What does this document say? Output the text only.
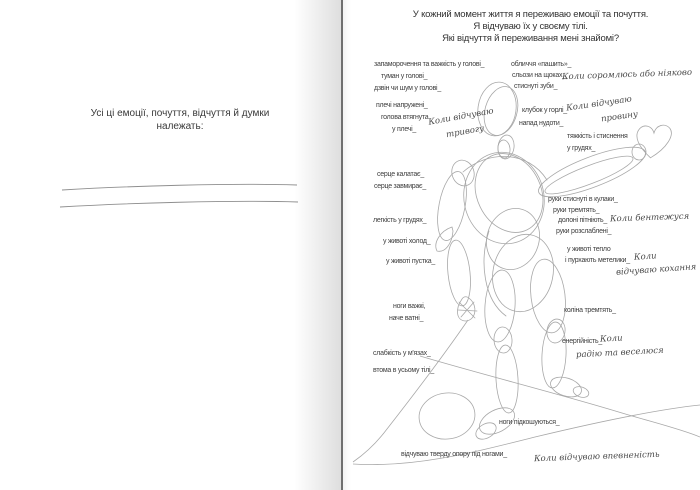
Усі ці емоції, почуття, відчуття й думки
належать:
У кожний момент життя я переживаю емоції та почуття.
Я відчуваю їх у своєму тілі.
Які відчуття й переживання мені знайомі?
запаморочення та важкість у голові_
туман у голові_
дзвін чи шум у голові_
плечі напружені_
голова втягнута
у плечі_
серце калатає_
серце завмирає_
легкість у грудях_
у животі холод_
у животі пустка_
ноги важкі,
наче ватні_
слабкість у м'язах_
втома в усьому тілі_
відчуваю тверду опору під ногами_
обличчя «пашить»_
сльози на щоках_
стиснуті зуби_
клубок у горлі_
напад нудоти_
тяжкість і стиснення
у грудях_
руки стиснуті в кулаки_
руки тремтять_
долоні пітніють_
руки розслаблені_
у животі тепло
і пурхають метелики_
коліна тремтять_
енергійність_
ноги підкошуються_
Коли відчуваю
тривогу
Коли соромлюсь або ніяково
Коли відчуваю
провину
Коли бентежуся
Коли
відчуваю кохання
Коли
радію та веселюся
Коли відчуваю впевненість
